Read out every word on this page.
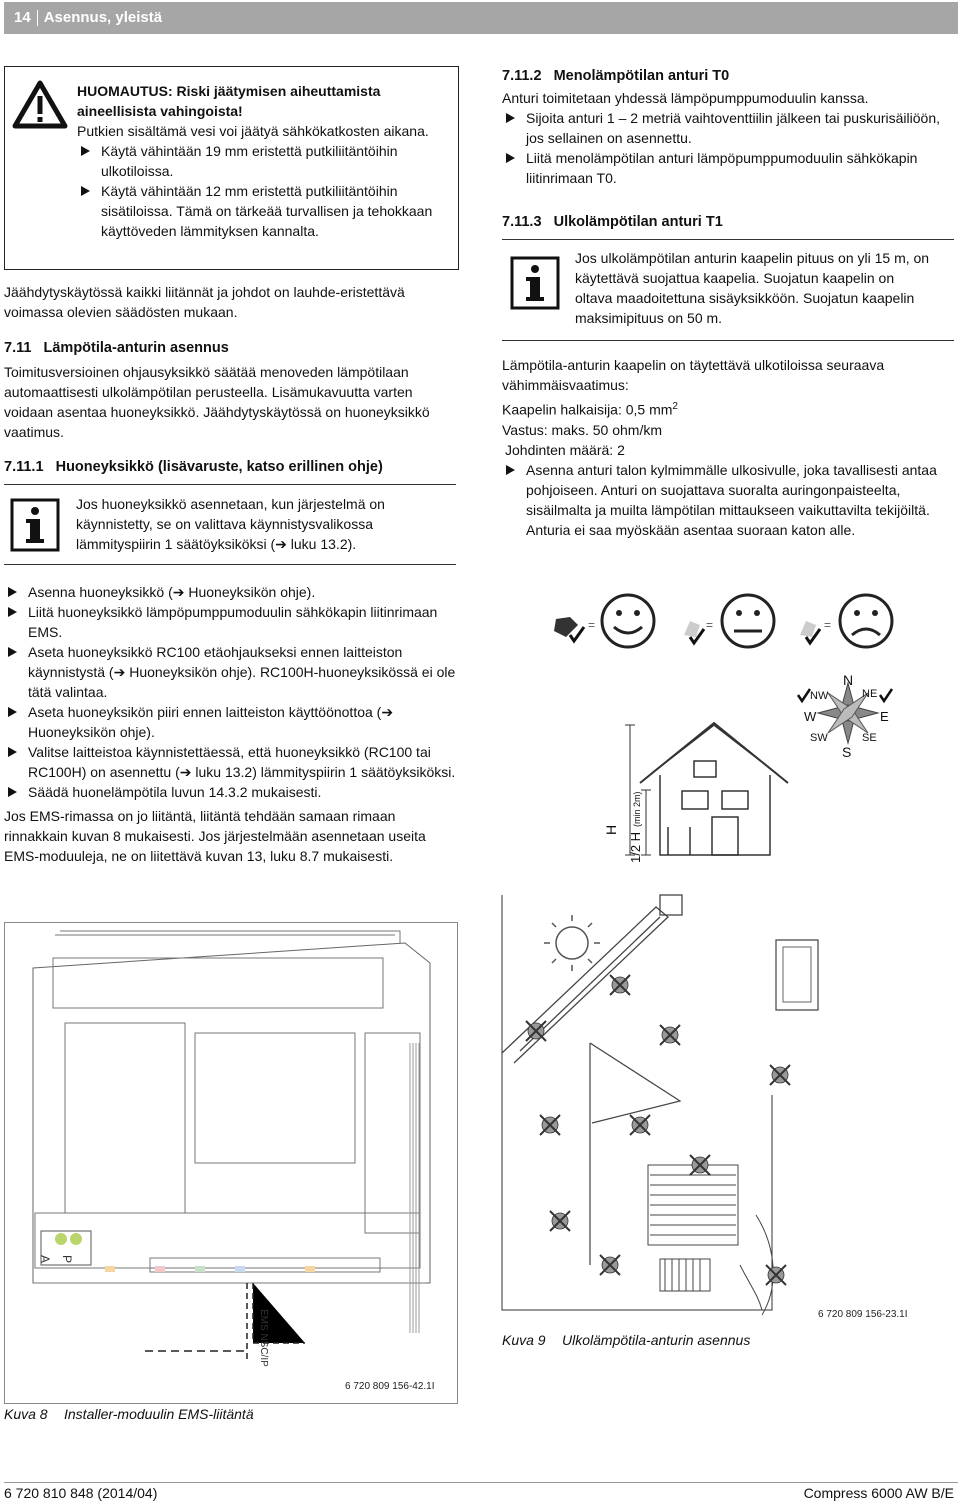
14 Asennus, yleistä

HUOMAUTUS: Riski jäätymisen aiheuttamista aineellisista vahingoista!

Putkien sisältämä vesi voi jäätyä sähkökatkosten aikana.

Käytä vähintään 19 mm eristettä putkiliitäntöihin ulkotiloissa.
Käytä vähintään 12 mm eristettä putkiliitäntöihin sisätiloissa. Tämä on tärkeää turvallisen ja tehokkaan käyttöveden lämmityksen kannalta.

Jäähdytyskäytössä kaikki liitännät ja johdot on lauhde-eristettävä voimassa olevien säädösten mukaan.

7.11   Lämpötila-anturin asennus

Toimitusversioinen ohjausyksikkö säätää menoveden lämpötilaan automaattisesti ulkolämpötilan perusteella. Lisämukavuutta varten voidaan asentaa huoneyksikkö. Jäähdytyskäytössä on huoneyksikkö vaatimus.

7.11.1   Huoneyksikkö (lisävaruste, katso erillinen ohje)

Jos huoneyksikkö asennetaan, kun järjestelmä on käynnistetty, se on valittava käynnistysvalikossa lämmityspiirin 1 säätöyksiköksi (➔ luku 13.2).

Asenna huoneyksikkö (➔ Huoneyksikön ohje).
Liitä huoneyksikkö lämpöpumppumoduulin sähkökapin liitinrimaan EMS.
Aseta huoneyksikkö RC100 etäohjaukseksi ennen laitteiston käynnistystä (➔ Huoneyksikön ohje). RC100H-huoneyksikössä ei ole tätä valintaa.
Aseta huoneyksikön piiri ennen laitteiston käyttöönottoa (➔ Huoneyksikön ohje).
Valitse laitteistoa käynnistettäessä, että huoneyksikkö (RC100 tai RC100H) on asennettu (➔ luku 13.2) lämmityspiirin 1 säätöyksiköksi.
Säädä huonelämpötila luvun 14.3.2 mukaisesti.

Jos EMS-rimassa on jo liitäntä, liitäntä tehdään samaan rimaan rinnakkain kuvan 8 mukaisesti. Jos järjestelmään asennetaan useita EMS-moduuleja, ne on liitettävä kuvan 13, luku 8.7 mukaisesti.

A P
EMS NSC/IP
6 720 809 156-42.1I
Kuva 8 Installer-moduulin EMS-liitäntä
7.11.2   Menolämpötilan anturi T0

Anturi toimitetaan yhdessä lämpöpumppumoduulin kanssa.

Sijoita anturi 1 – 2 metriä vaihtoventtiilin jälkeen tai puskurisäiliöön, jos sellainen on asennettu.
Liitä menolämpötilan anturi lämpöpumppumoduulin sähkökapin liitinrimaan T0.
7.11.3   Ulkolämpötilan anturi T1

Jos ulkolämpötilan anturin kaapelin pituus on yli 15 m, on käytettävä suojattua kaapelia. Suojatun kaapelin on oltava maadoitettuna sisäyksikköön. Suojatun kaapelin maksimipituus on 50 m.

Lämpötila-anturin kaapelin on täytettävä ulkotiloissa seuraava vähimmäisvaatimus:

Kaapelin halkaisija: 0,5 $mm^2$

Vastus: maks. 50 ohm/km

Johdinten määrä: 2

Asenna anturi talon kylmimmälle ulkosivulle, joka tavallisesti antaa pohjoiseen. Anturi on suojattava suoralta auringonpaisteelta, sisäilmalta ja muilta lämpötilan mittaukseen vaikuttavilta tekijöiltä. Anturia ei saa myöskään asentaa suoraan katon alle.
=	=	=
N
NE
E
SE
S
SW
W
NW
H
1/2 H
(min 2m)
6 720 809 156-23.1I
Kuva 9 Ulkolämpötila-anturin asennus
6 720 810 848 (2014/04)	Compress 6000 AW B/E
